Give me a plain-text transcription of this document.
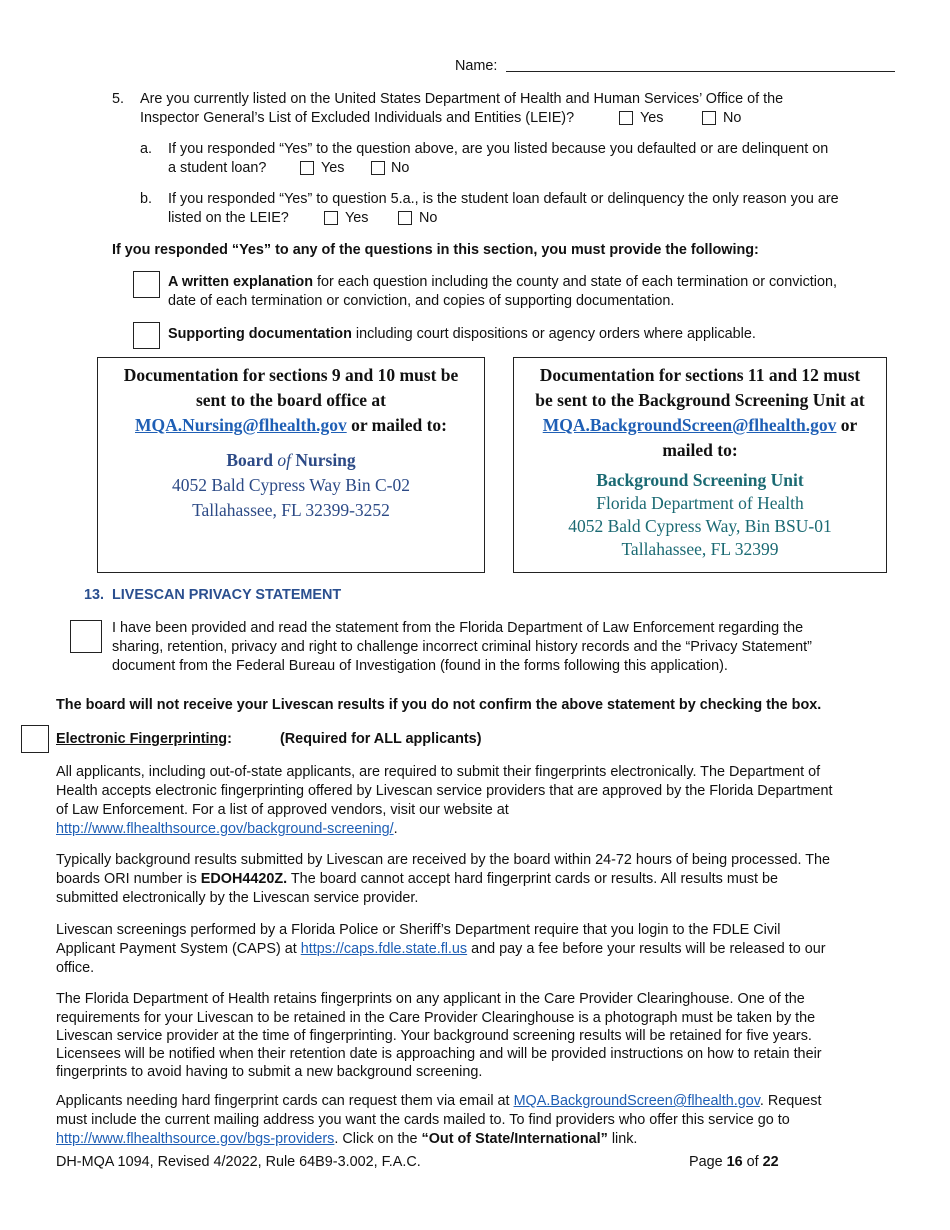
Name:
5. Are you currently listed on the United States Department of Health and Human Services’ Office of the
Inspector General’s List of Excluded Individuals and Entities (LEIE)?	Yes	No
a. If you responded “Yes” to the question above, are you listed because you defaulted or are delinquent on
a student loan?	Yes	No
b. If you responded “Yes” to question 5.a., is the student loan default or delinquency the only reason you are
listed on the LEIE?	Yes	No
If you responded “Yes” to any of the questions in this section, you must provide the following:
A written explanation for each question including the county and state of each termination or conviction,
date of each termination or conviction, and copies of supporting documentation.
Supporting documentation including court dispositions or agency orders where applicable.
Documentation for sections 9 and 10 must be
sent to the board office at
MQA.Nursing@flhealth.gov or mailed to:
Board of Nursing
4052 Bald Cypress Way Bin C-02
Tallahassee, FL 32399-3252
Documentation for sections 11 and 12 must
be sent to the Background Screening Unit at
MQA.BackgroundScreen@flhealth.gov or
mailed to:
Background Screening Unit
Florida Department of Health
4052 Bald Cypress Way, Bin BSU-01
Tallahassee, FL 32399
13. LIVESCAN PRIVACY STATEMENT
I have been provided and read the statement from the Florida Department of Law Enforcement regarding the
sharing, retention, privacy and right to challenge incorrect criminal history records and the “Privacy Statement”
document from the Federal Bureau of Investigation (found in the forms following this application).
The board will not receive your Livescan results if you do not confirm the above statement by checking the box.
Electronic Fingerprinting:	(Required for ALL applicants)
All applicants, including out-of-state applicants, are required to submit their fingerprints electronically. The Department of
Health accepts electronic fingerprinting offered by Livescan service providers that are approved by the Florida Department
of Law Enforcement. For a list of approved vendors, visit our website at
http://www.flhealthsource.gov/background-screening/.
Typically background results submitted by Livescan are received by the board within 24-72 hours of being processed. The
boards ORI number is EDOH4420Z. The board cannot accept hard fingerprint cards or results. All results must be
submitted electronically by the Livescan service provider.
Livescan screenings performed by a Florida Police or Sheriff’s Department require that you login to the FDLE Civil
Applicant Payment System (CAPS) at https://caps.fdle.state.fl.us and pay a fee before your results will be released to our
office.
The Florida Department of Health retains fingerprints on any applicant in the Care Provider Clearinghouse. One of the
requirements for your Livescan to be retained in the Care Provider Clearinghouse is a photograph must be taken by the
Livescan service provider at the time of fingerprinting. Your background screening results will be retained for five years.
Licensees will be notified when their retention date is approaching and will be provided instructions on how to retain their
fingerprints to avoid having to submit a new background screening.
Applicants needing hard fingerprint cards can request them via email at MQA.BackgroundScreen@flhealth.gov. Request
must include the current mailing address you want the cards mailed to. To find providers who offer this service go to
http://www.flhealthsource.gov/bgs-providers. Click on the “Out of State/International” link.
DH-MQA 1094, Revised 4/2022, Rule 64B9-3.002, F.A.C.	Page 16 of 22
